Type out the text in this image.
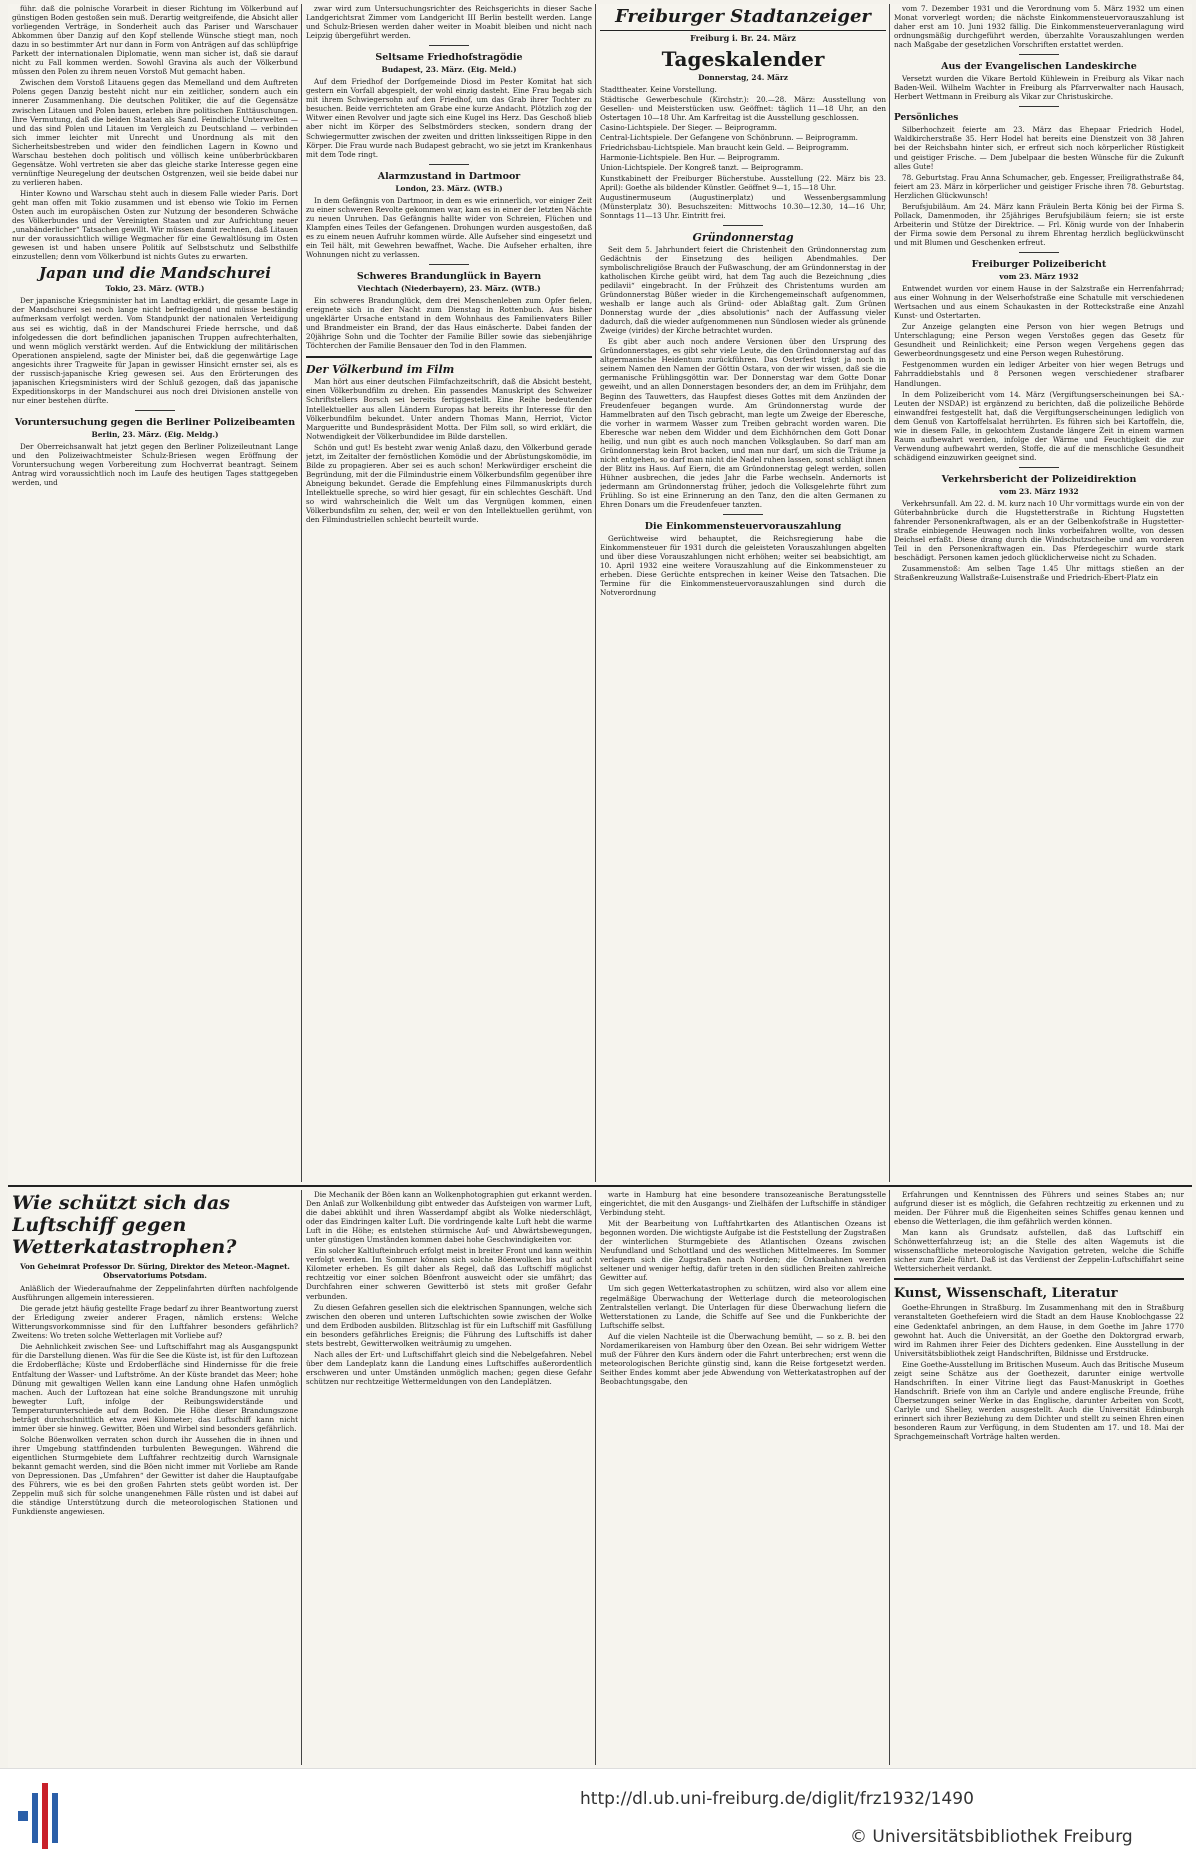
führ. daß die polnische Vorarbeit in dieser Richtung im Völkerbund auf günstigen Boden gestoßen sein muß. Derartig weitgreifende, die Absicht aller vorliegenden Verträge, in Sonderheit auch das Pariser und Warschauer Abkommen über Danzig auf den Kopf stellende Wünsche stiegt man, noch dazu in so bestimmter Art nur dann in Form von Anträgen auf das schlüpfrige Parkett der internationalen Diplomatie, wenn man sicher ist, daß sie darauf nicht zu Fall kommen werden. Sowohl Gravina als auch der Völkerbund müssen den Polen zu ihrem neuen Vorstoß Mut gemacht haben.

Zwischen dem Vorstoß Litauens gegen das Memelland und dem Auftreten Polens gegen Danzig besteht nicht nur ein zeitlicher, sondern auch ein innerer Zusammenhang. Die deutschen Politiker, die auf die Gegensätze zwischen Litauen und Polen bauen, erleben ihre politischen Enttäuschungen. Ihre Vermutung, daß die beiden Staaten als Sand. Feindliche Unterwelten — und das sind Polen und Litauen im Vergleich zu Deutschland — verbinden sich immer leichter mit Unrecht und Unordnung als mit den Sicherheitsbestreben und wider den feindlichen Lagern in Kowno und Warschau bestehen doch politisch und völlisch keine unüberbrückbaren Gegensätze. Wohl vertreten sie aber das gleiche starke Interesse gegen eine vernünftige Neuregelung der deutschen Ostgrenzen, weil sie beide dabei nur zu verlieren haben.

Hinter Kowno und Warschau steht auch in diesem Falle wieder Paris. Dort geht man offen mit Tokio zusammen und ist ebenso wie Tokio im Fernen Osten auch im europäischen Osten zur Nutzung der besonderen Schwäche des Völkerbundes und der Vereinigten Staaten und zur Aufrichtung neuer „unabänderlicher“ Tatsachen gewillt. Wir müssen damit rechnen, daß Litauen nur der voraussichtlich willige Wegmacher für eine Gewaltlösung im Osten gewesen ist und haben unsere Politik auf Selbstschutz und Selbsthilfe einzustellen; denn vom Völkerbund ist nichts Gutes zu erwarten.

Japan und die Mandschurei
Tokio, 23. März. (WTB.)

Der japanische Kriegsminister hat im Landtag erklärt, die gesamte Lage in der Mandschurei sei noch lange nicht befriedigend und müsse beständig aufmerksam verfolgt werden. Vom Standpunkt der nationalen Verteidigung aus sei es wichtig, daß in der Mandschurei Friede herrsche, und daß infolgedessen die dort befindlichen japanischen Truppen aufrechterhalten, und wenn möglich verstärkt werden. Auf die Entwicklung der militärischen Operationen anspielend, sagte der Minister bei, daß die gegenwärtige Lage angesichts ihrer Tragweite für Japan in gewisser Hinsicht ernster sei, als es der russisch-japanische Krieg gewesen sei. Aus den Erörterungen des japanischen Kriegsministers wird der Schluß gezogen, daß das japanische Expeditionskorps in der Mandschurei aus noch drei Divisionen anstelle von nur einer bestehen dürfte.

Voruntersuchung gegen die Berliner Polizeibeamten
Berlin, 23. März. (Eig. Meldg.)

Der Oberreichsanwalt hat jetzt gegen den Berliner Polizeileutnant Lange und den Polizeiwachtmeister Schulz-Briesen wegen Eröffnung der Voruntersuchung wegen Vorbereitung zum Hochverrat beantragt. Seinem Antrag wird voraussichtlich noch im Laufe des heutigen Tages stattgegeben werden, und

zwar wird zum Untersuchungsrichter des Reichsgerichts in dieser Sache Landgerichtsrat Zimmer vom Landgericht III Berlin bestellt werden. Lange und Schulz-Briesen werden daher weiter in Moabit bleiben und nicht nach Leipzig übergeführt werden.

Seltsame Friedhofstragödie
Budapest, 23. März. (Eig. Meld.)

Auf dem Friedhof der Dorfgemeinde Diosd im Pester Komitat hat sich gestern ein Vorfall abgespielt, der wohl einzig dasteht. Eine Frau begab sich mit ihrem Schwiegersohn auf den Friedhof, um das Grab ihrer Tochter zu besuchen. Beide verrichteten am Grabe eine kurze Andacht. Plötzlich zog der Witwer einen Revolver und jagte sich eine Kugel ins Herz. Das Geschoß blieb aber nicht im Körper des Selbstmörders stecken, sondern drang der Schwiegermutter zwischen der zweiten und dritten linksseitigen Rippe in den Körper. Die Frau wurde nach Budapest gebracht, wo sie jetzt im Krankenhaus mit dem Tode ringt.

Alarmzustand in Dartmoor
London, 23. März. (WTB.)

In dem Gefängnis von Dartmoor, in dem es wie erinnerlich, vor einiger Zeit zu einer schweren Revolte gekommen war, kam es in einer der letzten Nächte zu neuen Unruhen. Das Gefängnis hallte wider von Schreien, Flüchen und Klampfen eines Teiles der Gefangenen. Drohungen wurden ausgestoßen, daß es zu einem neuen Aufruhr kommen würde. Alle Aufseher sind eingesetzt und ein Teil hält, mit Gewehren bewaffnet, Wache. Die Aufseher erhalten, ihre Wohnungen nicht zu verlassen.

Schweres Brandunglück in Bayern
Viechtach (Niederbayern), 23. März. (WTB.)

Ein schweres Brandunglück, dem drei Menschenleben zum Opfer fielen, ereignete sich in der Nacht zum Dienstag in Rottenbuch. Aus bisher ungeklärter Ursache entstand in dem Wohnhaus des Familienvaters Biller und Brandmeister ein Brand, der das Haus einäscherte. Dabei fanden der 20jährige Sohn und die Tochter der Familie Biller sowie das siebenjährige Töchterchen der Familie Bensauer den Tod in den Flammen.

Der Völkerbund im Film

Man hört aus einer deutschen Filmfachzeitschrift, daß die Absicht besteht, einen Völkerbundfilm zu drehen. Ein passendes Manuskript des Schweizer Schriftstellers Borsch sei bereits fertiggestellt. Eine Reihe bedeutender Intellektueller aus allen Ländern Europas hat bereits ihr Interesse für den Völkerbundfilm bekundet. Unter andern Thomas Mann, Herriot, Victor Margueritte und Bundespräsident Motta. Der Film soll, so wird erklärt, die Notwendigkeit der Völkerbundidee im Bilde darstellen.

Schön und gut! Es besteht zwar wenig Anlaß dazu, den Völkerbund gerade jetzt, im Zeitalter der fernöstlichen Komödie und der Abrüstungskomödie, im Bilde zu propagieren. Aber sei es auch schon! Merkwürdiger erscheint die Begründung, mit der die Filmindustrie einem Völkerbundsfilm gegenüber ihre Abneigung bekundet. Gerade die Empfehlung eines Filmmanuskripts durch Intellektuelle spreche, so wird hier gesagt, für ein schlechtes Geschäft. Und so wird wahrscheinlich die Welt um das Vergnügen kommen, einen Völkerbundsfilm zu sehen, der, weil er von den Intellektuellen gerühmt, von den Filmindustriellen schlecht beurteilt wurde.

Freiburger Stadtanzeiger
Freiburg i. Br. 24. März
Tageskalender
Donnerstag, 24. März

Stadttheater. Keine Vorstellung.

Städtische Gewerbeschule (Kirchstr.): 20.—28. März: Ausstellung von Gesellen- und Meisterstücken usw. Geöffnet: täglich 11—18 Uhr, an den Ostertagen 10—18 Uhr. Am Karfreitag ist die Ausstellung geschlossen.

Casino-Lichtspiele. Der Sieger. — Beiprogramm.

Central-Lichtspiele. Der Gefangene von Schönbrunn. — Beiprogramm.

Friedrichsbau-Lichtspiele. Man braucht kein Geld. — Beiprogramm.

Harmonie-Lichtspiele. Ben Hur. — Beiprogramm.

Union-Lichtspiele. Der Kongreß tanzt. — Beiprogramm.

Kunstkabinett der Freiburger Bücherstube. Ausstellung (22. März bis 23. April): Goethe als bildender Künstler. Geöffnet 9—1, 15—18 Uhr.

Augustinermuseum (Augustinerplatz) und Wessenbergsammlung (Münsterplatz 30). Besuchszeiten: Mittwochs 10.30—12.30, 14—16 Uhr, Sonntags 11—13 Uhr. Eintritt frei.

Gründonnerstag

Seit dem 5. Jahrhundert feiert die Christenheit den Gründonnerstag zum Gedächtnis der Einsetzung des heiligen Abendmahles. Der symbolischreligiöse Brauch der Fußwaschung, der am Gründonnerstag in der katholischen Kirche geübt wird, hat dem Tag auch die Bezeichnung „dies pedilavii“ eingebracht. In der Frühzeit des Christentums wurden am Gründonnerstag Büßer wieder in die Kirchengemeinschaft aufgenommen, weshalb er lange auch als Gründ- oder Ablaßtag galt. Zum Grünen Donnerstag wurde der „dies absolutionis“ nach der Auffassung vieler dadurch, daß die wieder aufgenommenen nun Sündlosen wieder als grünende Zweige (virides) der Kirche betrachtet wurden.

Es gibt aber auch noch andere Versionen über den Ursprung des Gründonnerstages, es gibt sehr viele Leute, die den Gründonnerstag auf das altgermanische Heidentum zurückführen. Das Osterfest trägt ja noch in seinem Namen den Namen der Göttin Ostara, von der wir wissen, daß sie die germanische Frühlingsgöttin war. Der Donnerstag war dem Gotte Donar geweiht, und an allen Donnerstagen besonders der, an dem im Frühjahr, dem Beginn des Tauwetters, das Haupfest dieses Gottes mit dem Anzünden der Freudenfeuer begangen wurde. Am Gründonnerstag wurde der Hammelbraten auf den Tisch gebracht, man legte um Zweige der Eberesche, die vorher in warmem Wasser zum Treiben gebracht worden waren. Die Eberesche war neben dem Widder und dem Eichhörnchen dem Gott Donar heilig, und nun gibt es auch noch manchen Volksglauben. So darf man am Gründonnerstag kein Brot backen, und man nur darf, um sich die Träume ja nicht entgehen, so darf man nicht die Nadel ruhen lassen, sonst schlägt ihnen der Blitz ins Haus. Auf Eiern, die am Gründonnerstag gelegt werden, sollen Hühner ausbrechen, die jedes Jahr die Farbe wechseln. Andernorts ist jedermann am Gründonnerstag früher, jedoch die Volksgelehrte führt zum Frühling. So ist eine Erinnerung an den Tanz, den die alten Germanen zu Ehren Donars um die Freudenfeuer tanzten.

Die Einkommensteuervorauszahlung

Gerüchtweise wird behauptet, die Reichsregierung habe die Einkommensteuer für 1931 durch die geleisteten Vorauszahlungen abgelten und über diese Vorauszahlungen nicht erhöhen; weiter sei beabsichtigt, am 10. April 1932 eine weitere Vorauszahlung auf die Einkommensteuer zu erheben. Diese Gerüchte entsprechen in keiner Weise den Tatsachen. Die Termine für die Einkommensteuervorauszahlungen sind durch die Notverordnung

vom 7. Dezember 1931 und die Verordnung vom 5. März 1932 um einen Monat vorverlegt worden; die nächste Einkommensteuervorauszahlung ist daher erst am 10. Juni 1932 fällig. Die Einkommensteuerveranlagung wird ordnungsmäßig durchgeführt werden, überzahlte Vorauszahlungen werden nach Maßgabe der gesetzlichen Vorschriften erstattet werden.

Aus der Evangelischen Landeskirche

Versetzt wurden die Vikare Bertold Kühlewein in Freiburg als Vikar nach Baden-Weil. Wilhelm Wachter in Freiburg als Pfarrverwalter nach Hausach, Herbert Wettmann in Freiburg als Vikar zur Christuskirche.

Persönliches

Silberhochzeit feierte am 23. März das Ehepaar Friedrich Hodel, Waldkircherstraße 35. Herr Hodel hat bereits eine Dienstzeit von 38 Jahren bei der Reichsbahn hinter sich, er erfreut sich noch körperlicher Rüstigkeit und geistiger Frische. — Dem Jubelpaar die besten Wünsche für die Zukunft alles Gute!

78. Geburtstag. Frau Anna Schumacher, geb. Engesser, Freiligrathstraße 84, feiert am 23. März in körperlicher und geistiger Frische ihren 78. Geburtstag. Herzlichen Glückwunsch!

Berufsjubiläum. Am 24. März kann Fräulein Berta König bei der Firma S. Pollack, Damenmoden, ihr 25jähriges Berufsjubiläum feiern; sie ist erste Arbeiterin und Stütze der Direktrice. — Frl. König wurde von der Inhaberin der Firma sowie dem Personal zu ihrem Ehrentag herzlich beglückwünscht und mit Blumen und Geschenken erfreut.

Freiburger Polizeibericht
vom 23. März 1932

Entwendet wurden vor einem Hause in der Salzstraße ein Herrenfahrrad; aus einer Wohnung in der Welserhofstraße eine Schatulle mit verschiedenen Wertsachen und aus einem Schaukasten in der Rotteckstraße eine Anzahl Kunst- und Ostertarten.

Zur Anzeige gelangten eine Person von hier wegen Betrugs und Unterschlagung; eine Person wegen Verstoßes gegen das Gesetz für Gesundheit und Reinlichkeit; eine Person wegen Vergehens gegen das Gewerbeordnungsgesetz und eine Person wegen Ruhestörung.

Festgenommen wurden ein lediger Arbeiter von hier wegen Betrugs und Fahrraddiebstahls und 8 Personen wegen verschiedener strafbarer Handlungen.

In dem Polizeibericht vom 14. März (Vergiftungserscheinungen bei SA.-Leuten der NSDAP.) ist ergänzend zu berichten, daß die polizeiliche Behörde einwandfrei festgestellt hat, daß die Vergiftungserscheinungen lediglich von dem Genuß von Kartoffelsalat herrührten. Es führen sich bei Kartoffeln, die, wie in diesem Falle, in gekochtem Zustande längere Zeit in einem warmen Raum aufbewahrt werden, infolge der Wärme und Feuchtigkeit die zur Verwendung aufbewahrt werden, Stoffe, die auf die menschliche Gesundheit schädigend einzuwirken geeignet sind.

Verkehrsbericht der Polizeidirektion
vom 23. März 1932

Verkehrsunfall. Am 22. d. M. kurz nach 10 Uhr vormittags wurde ein von der Güterbahnbrücke durch die Hugstetterstraße in Richtung Hugstetten fahrender Personenkraftwagen, als er an der Gelbenkofstraße in Hugstetter-straße einbiegende Heuwagen noch links vorbeifahren wollte, von dessen Deichsel erfaßt. Diese drang durch die Windschutzscheibe und am vorderen Teil in den Personenkraftwagen ein. Das Pferdegeschirr wurde stark beschädigt. Personen kamen jedoch glücklicherweise nicht zu Schaden.

Zusammenstoß: Am selben Tage 1.45 Uhr mittags stießen an der Straßenkreuzung Wallstraße-Luisenstraße und Friedrich-Ebert-Platz ein

Wie schützt sich das Luftschiff gegen Wetterkatastrophen?
Von Geheimrat Professor Dr. Süring, Direktor des Meteor.-Magnet. Observatoriums Potsdam.

Anläßlich der Wiederaufnahme der Zeppelinfahrten dürften nachfolgende Ausführungen allgemein interessieren.

Die gerade jetzt häufig gestellte Frage bedarf zu ihrer Beantwortung zuerst der Erledigung zweier anderer Fragen, nämlich erstens: Welche Witterungsvorkommnisse sind für den Luftfahrer besonders gefährlich? Zweitens: Wo treten solche Wetterlagen mit Vorliebe auf?

Die Aehnlichkeit zwischen See- und Luftschiffahrt mag als Ausgangspunkt für die Darstellung dienen. Was für die See die Küste ist, ist für den Luftozean die Erdoberfläche; Küste und Erdoberfläche sind Hindernisse für die freie Entfaltung der Wasser- und Luftströme. An der Küste brandet das Meer; hohe Dünung mit gewaltigen Wellen kann eine Landung ohne Hafen unmöglich machen. Auch der Luftozean hat eine solche Brandungszone mit unruhig bewegter Luft, infolge der Reibungswiderstände und Temperaturunterschiede auf dem Boden. Die Höhe dieser Brandungszone beträgt durchschnittlich etwa zwei Kilometer; das Luftschiff kann nicht immer über sie hinweg. Gewitter, Böen und Wirbel sind besonders gefährlich.

Solche Böenwolken verraten schon durch ihr Aussehen die in ihnen und ihrer Umgebung stattfindenden turbulenten Bewegungen. Während die eigentlichen Sturmgebiete dem Luftfahrer rechtzeitig durch Warnsignale bekannt gemacht werden, sind die Böen nicht immer mit Vorliebe am Rande von Depressionen. Das „Umfahren“ der Gewitter ist daher die Hauptaufgabe des Führers, wie es bei den großen Fahrten stets geübt worden ist. Der Zeppelin muß sich für solche unangenehmen Fälle rüsten und ist dabei auf die ständige Unterstützung durch die meteorologischen Stationen und Funkdienste angewiesen.

Die Mechanik der Böen kann an Wolkenphotographien gut erkannt werden. Den Anlaß zur Wolkenbildung gibt entweder das Aufsteigen von warmer Luft, die dabei abkühlt und ihren Wasserdampf abgibt als Wolke niederschlägt, oder das Eindringen kalter Luft. Die vordringende kalte Luft hebt die warme Luft in die Höhe; es entstehen stürmische Auf- und Abwärtsbewegungen, unter günstigen Umständen kommen dabei hohe Geschwindigkeiten vor.

Ein solcher Kaltlufteinbruch erfolgt meist in breiter Front und kann weithin verfolgt werden. Im Sommer können sich solche Böenwolken bis auf acht Kilometer erheben. Es gilt daher als Regel, daß das Luftschiff möglichst rechtzeitig vor einer solchen Böenfront ausweicht oder sie umfährt; das Durchfahren einer schweren Gewitterbö ist stets mit großer Gefahr verbunden.

Zu diesen Gefahren gesellen sich die elektrischen Spannungen, welche sich zwischen den oberen und unteren Luftschichten sowie zwischen der Wolke und dem Erdboden ausbilden. Blitzschlag ist für ein Luftschiff mit Gasfüllung ein besonders gefährliches Ereignis; die Führung des Luftschiffs ist daher stets bestrebt, Gewitterwolken weiträumig zu umgehen.

Nach alles der Ert- und Luftschiffahrt gleich sind die Nebelgefahren. Nebel über dem Landeplatz kann die Landung eines Luftschiffes außerordentlich erschweren und unter Umständen unmöglich machen; gegen diese Gefahr schützen nur rechtzeitige Wettermeldungen von den Landeplätzen.

warte in Hamburg hat eine besondere transozeanische Beratungsstelle eingerichtet, die mit den Ausgangs- und Zielhäfen der Luftschiffe in ständiger Verbindung steht.

Mit der Bearbeitung von Luftfahrtkarten des Atlantischen Ozeans ist begonnen worden. Die wichtigste Aufgabe ist die Feststellung der Zugstraßen der winterlichen Sturmgebiete des Atlantischen Ozeans zwischen Neufundland und Schottland und des westlichen Mittelmeeres. Im Sommer verlagern sich die Zugstraßen nach Norden; die Orkanbahnen werden seltener und weniger heftig, dafür treten in den südlichen Breiten zahlreiche Gewitter auf.

Um sich gegen Wetterkatastrophen zu schützen, wird also vor allem eine regelmäßige Überwachung der Wetterlage durch die meteorologischen Zentralstellen verlangt. Die Unterlagen für diese Überwachung liefern die Wetterstationen zu Lande, die Schiffe auf See und die Funkberichte der Luftschiffe selbst.

Auf die vielen Nachteile ist die Überwachung bemüht, — so z. B. bei den Nordamerikareisen von Hamburg über den Ozean. Bei sehr widrigem Wetter muß der Führer den Kurs ändern oder die Fahrt unterbrechen; erst wenn die meteorologischen Berichte günstig sind, kann die Reise fortgesetzt werden. Seither Endes kommt aber jede Abwendung von Wetterkatastrophen auf der Beobachtungsgabe, den

Erfahrungen und Kenntnissen des Führers und seines Stabes an; nur aufgrund dieser ist es möglich, die Gefahren rechtzeitig zu erkennen und zu meiden. Der Führer muß die Eigenheiten seines Schiffes genau kennen und ebenso die Wetterlagen, die ihm gefährlich werden können.

Man kann als Grundsatz aufstellen, daß das Luftschiff ein Schönwetterfahrzeug ist; an die Stelle des alten Wagemuts ist die wissenschaftliche meteorologische Navigation getreten, welche die Schiffe sicher zum Ziele führt. Daß ist das Verdienst der Zeppelin-Luftschiffahrt seine Wettersicherheit verdankt.

Kunst, Wissenschaft, Literatur

Goethe-Ehrungen in Straßburg. Im Zusammenhang mit den in Straßburg veranstalteten Goethefeiern wird die Stadt an dem Hause Knoblochgasse 22 eine Gedenktafel anbringen, an dem Hause, in dem Goethe im Jahre 1770 gewohnt hat. Auch die Universität, an der Goethe den Doktorgrad erwarb, wird im Rahmen ihrer Feier des Dichters gedenken. Eine Ausstellung in der Universitätsbibliothek zeigt Handschriften, Bildnisse und Erstdrucke.

Eine Goethe-Ausstellung im Britischen Museum. Auch das Britische Museum zeigt seine Schätze aus der Goethezeit, darunter einige wertvolle Handschriften. In einer Vitrine liegt das Faust-Manuskript in Goethes Handschrift. Briefe von ihm an Carlyle und andere englische Freunde, frühe Übersetzungen seiner Werke in das Englische, darunter Arbeiten von Scott, Carlyle und Shelley, werden ausgestellt. Auch die Universität Edinburgh erinnert sich ihrer Beziehung zu dem Dichter und stellt zu seinen Ehren einen besonderen Raum zur Verfügung, in dem Studenten am 17. und 18. Mai der Sprachgemeinschaft Vorträge halten werden.

http://dl.ub.uni-freiburg.de/diglit/frz1932/1490
© Universitätsbibliothek Freiburg
